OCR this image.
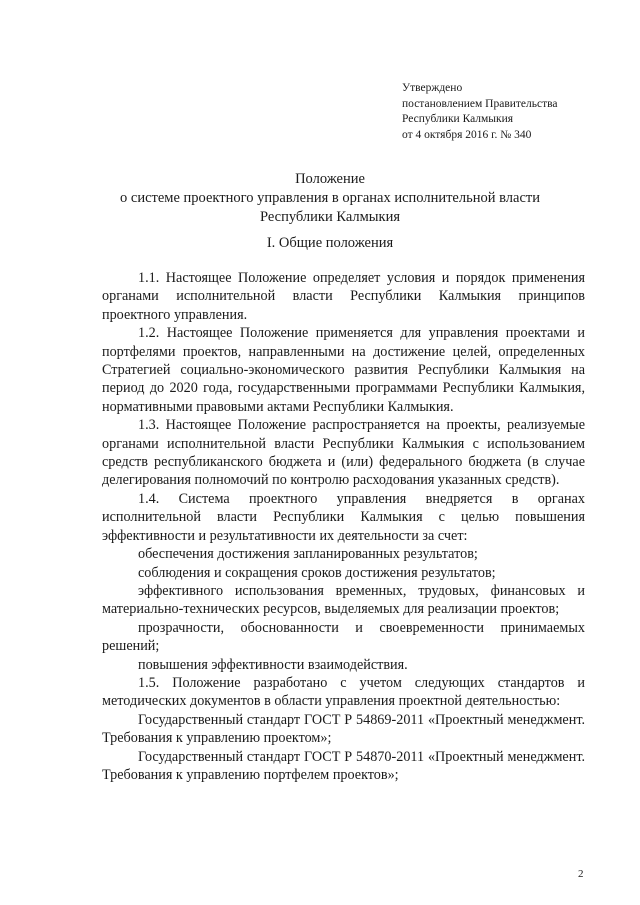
Утверждено
постановлением Правительства
Республики Калмыкия
от 4 октября 2016 г. № 340
Положение
о системе проектного управления в органах исполнительной власти
Республики Калмыкия
I. Общие положения

1.1. Настоящее Положение определяет условия и порядок применения органами исполнительной власти Республики Калмыкия принципов проектного управления.

1.2. Настоящее Положение применяется для управления проектами и портфелями проектов, направленными на достижение целей, определенных Стратегией социально-экономического развития Республики Калмыкия на период до 2020 года, государственными программами Республики Калмыкия, нормативными правовыми актами Республики Калмыкия.

1.3. Настоящее Положение распространяется на проекты, реализуемые органами исполнительной власти Республики Калмыкия с использованием средств республиканского бюджета и (или) федерального бюджета (в случае делегирования полномочий по контролю расходования указанных средств).

1.4. Система проектного управления внедряется в органах исполнительной власти Республики Калмыкия с целью повышения эффективности и результативности их деятельности за счет:

обеспечения достижения запланированных результатов;

соблюдения и сокращения сроков достижения результатов;

эффективного использования временных, трудовых, финансовых и материально-технических ресурсов, выделяемых для реализации проектов;

прозрачности, обоснованности и своевременности принимаемых решений;

повышения эффективности взаимодействия.

1.5. Положение разработано с учетом следующих стандартов и методических документов в области управления проектной деятельностью:

Государственный стандарт ГОСТ Р 54869-2011 «Проектный менеджмент. Требования к управлению проектом»;

Государственный стандарт ГОСТ Р 54870-2011 «Проектный менеджмент. Требования к управлению портфелем проектов»;

2
